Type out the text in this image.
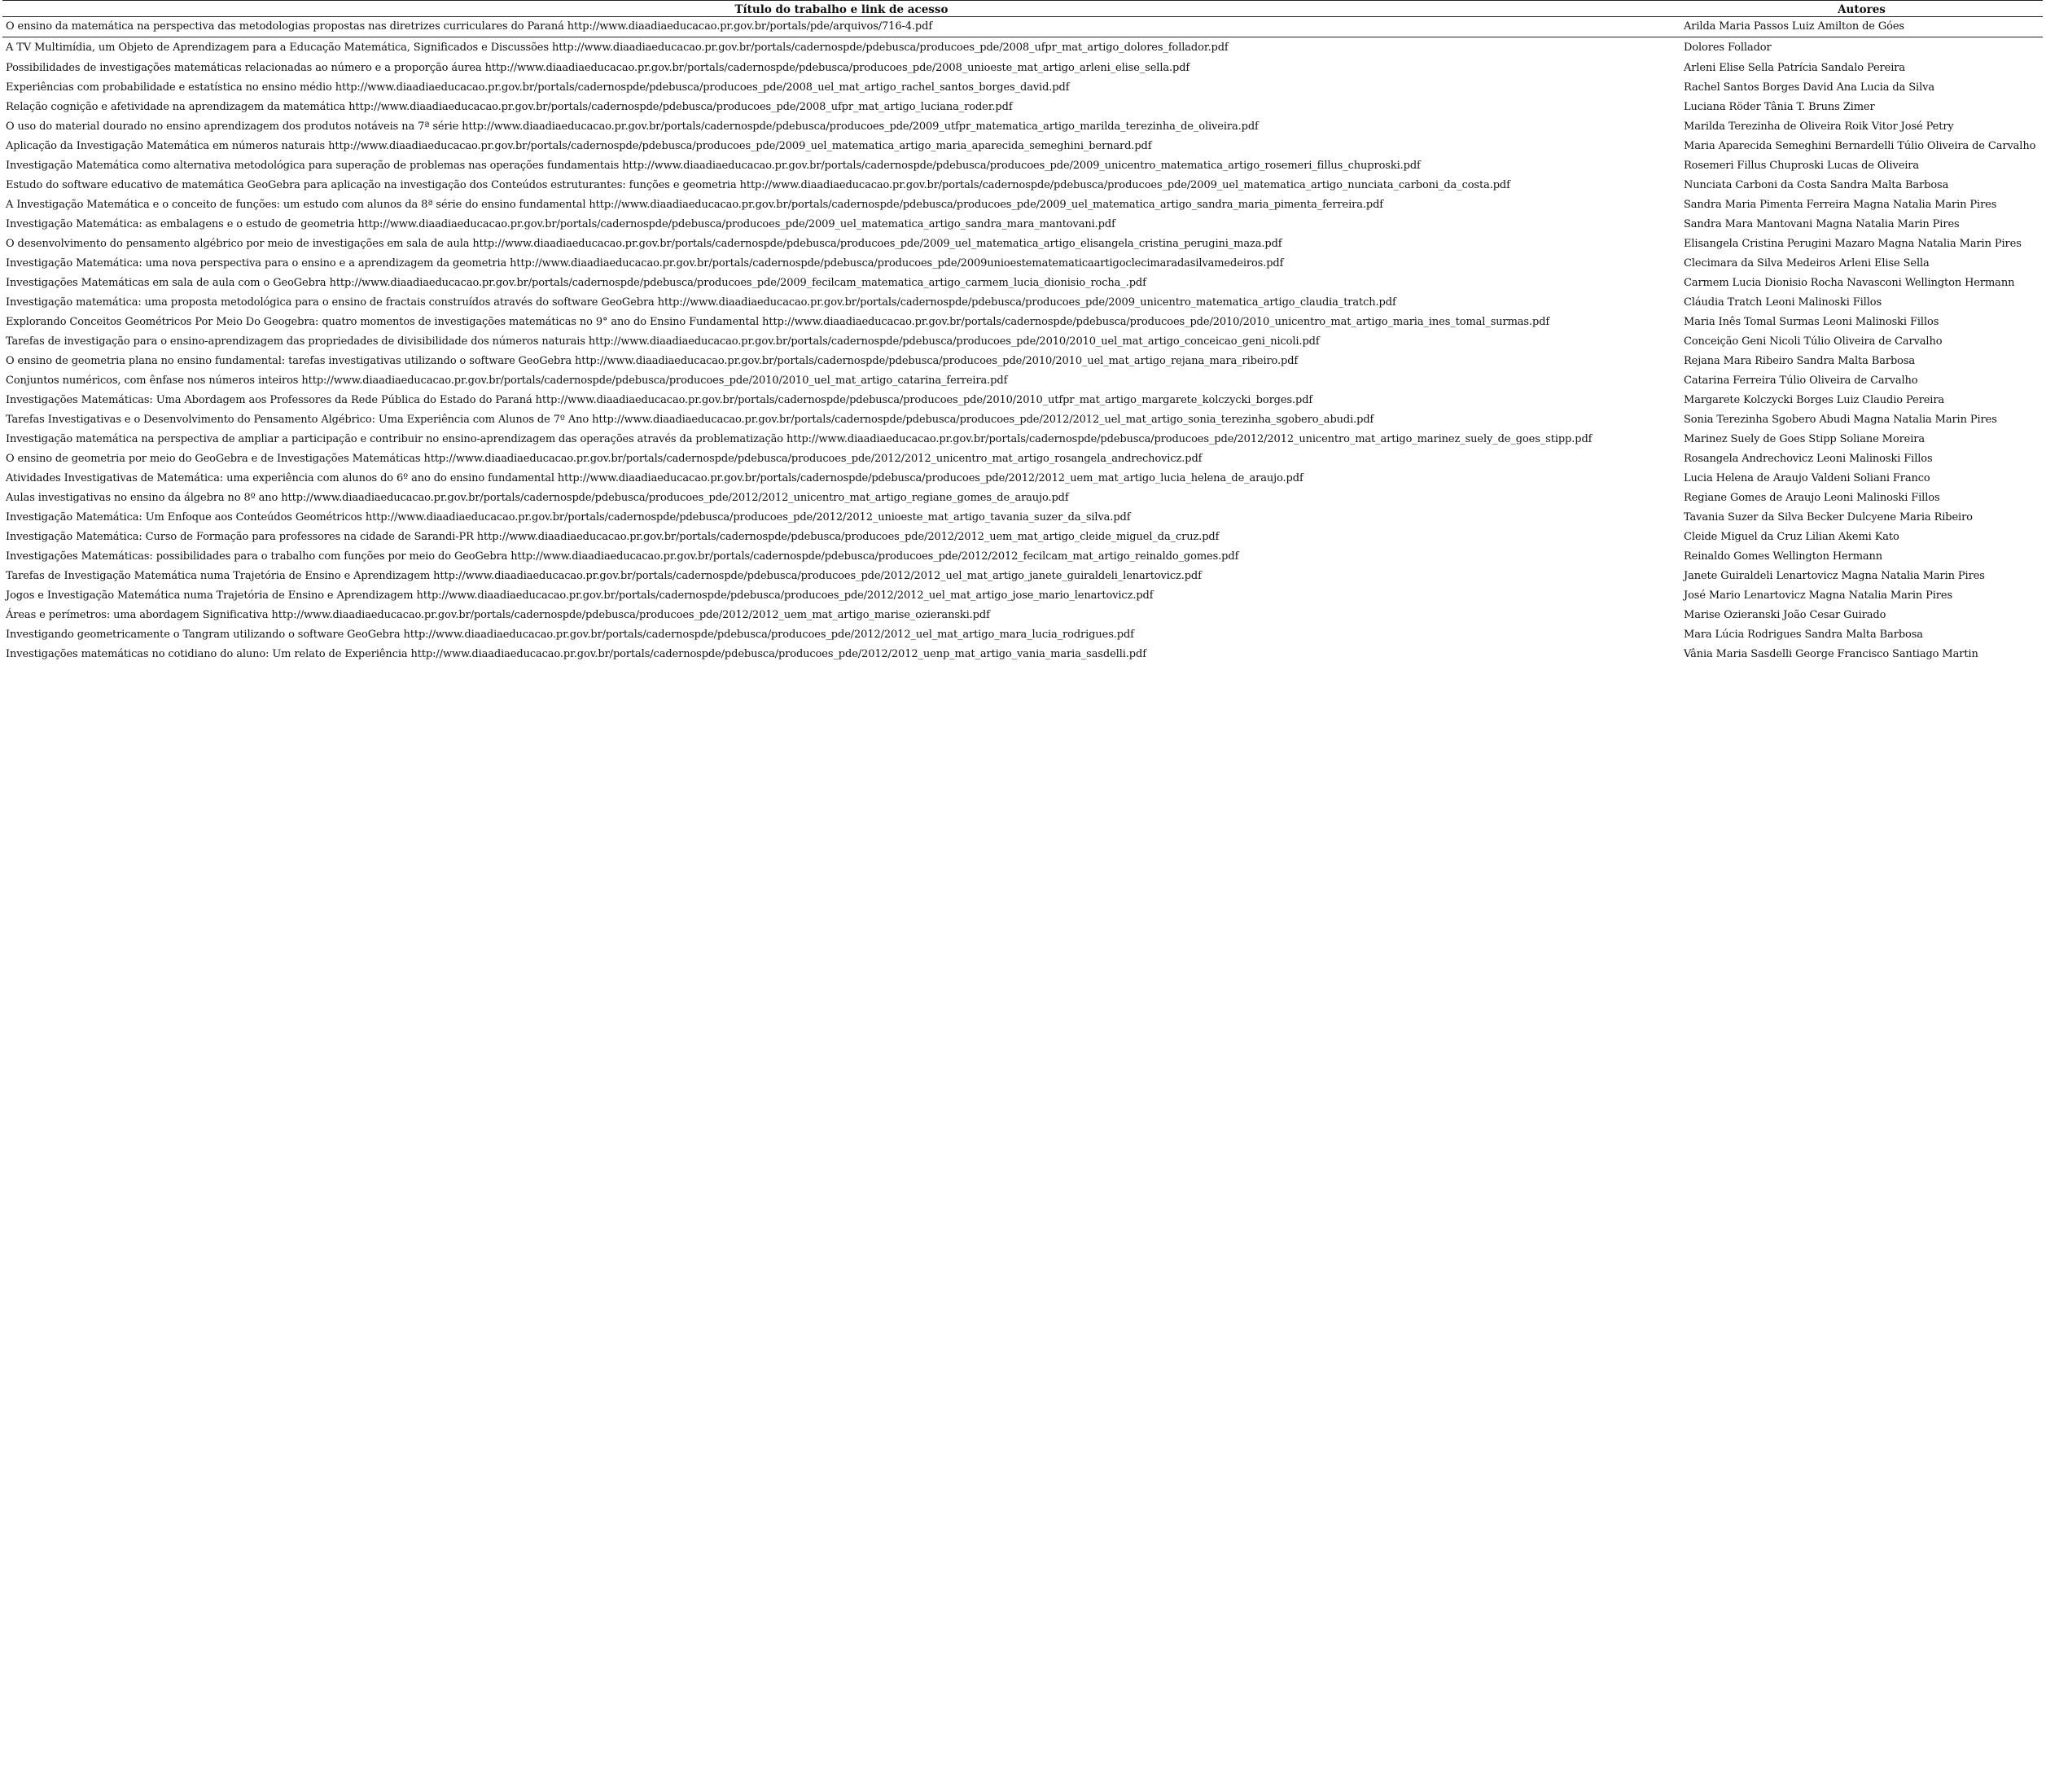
Título do trabalho e link de acesso	Autores
O ensino da matemática na perspectiva das metodologias propostas nas diretrizes curriculares do Paraná http://www.diaadiaeducacao.pr.gov.br/portals/pde/arquivos/716-4.pdf	Arilda Maria Passos Luiz Amilton de Góes
A TV Multimídia, um Objeto de Aprendizagem para a Educação Matemática, Significados e Discussões http://www.diaadiaeducacao.pr.gov.br/portals/cadernospde/pdebusca/producoes_pde/2008_ufpr_mat_artigo_dolores_follador.pdf	Dolores Follador
Possibilidades de investigações matemáticas relacionadas ao número e a proporção áurea http://www.diaadiaeducacao.pr.gov.br/portals/cadernospde/pdebusca/producoes_pde/2008_unioeste_mat_artigo_arleni_elise_sella.pdf	Arleni Elise Sella Patrícia Sandalo Pereira
Experiências com probabilidade e estatística no ensino médio http://www.diaadiaeducacao.pr.gov.br/portals/cadernospde/pdebusca/producoes_pde/2008_uel_mat_artigo_rachel_santos_borges_david.pdf	Rachel Santos Borges David Ana Lucia da Silva
Relação cognição e afetividade na aprendizagem da matemática http://www.diaadiaeducacao.pr.gov.br/portals/cadernospde/pdebusca/producoes_pde/2008_ufpr_mat_artigo_luciana_roder.pdf	Luciana Röder Tânia T. Bruns Zimer
O uso do material dourado no ensino aprendizagem dos produtos notáveis na 7ª série http://www.diaadiaeducacao.pr.gov.br/portals/cadernospde/pdebusca/producoes_pde/2009_utfpr_matematica_artigo_marilda_terezinha_de_oliveira.pdf	Marilda Terezinha de Oliveira Roik Vitor José Petry
Aplicação da Investigação Matemática em números naturais http://www.diaadiaeducacao.pr.gov.br/portals/cadernospde/pdebusca/producoes_pde/2009_uel_matematica_artigo_maria_aparecida_semeghini_bernard.pdf	Maria Aparecida Semeghini Bernardelli Túlio Oliveira de Carvalho
Investigação Matemática como alternativa metodológica para superação de problemas nas operações fundamentais http://www.diaadiaeducacao.pr.gov.br/portals/cadernospde/pdebusca/producoes_pde/2009_unicentro_matematica_artigo_rosemeri_fillus_chuproski.pdf	Rosemeri Fillus Chuproski Lucas de Oliveira
Estudo do software educativo de matemática GeoGebra para aplicação na investigação dos Conteúdos estruturantes: funções e geometria http://www.diaadiaeducacao.pr.gov.br/portals/cadernospde/pdebusca/producoes_pde/2009_uel_matematica_artigo_nunciata_carboni_da_costa.pdf	Nunciata Carboni da Costa Sandra Malta Barbosa
A Investigação Matemática e o conceito de funções: um estudo com alunos da 8ª série do ensino fundamental http://www.diaadiaeducacao.pr.gov.br/portals/cadernospde/pdebusca/producoes_pde/2009_uel_matematica_artigo_sandra_maria_pimenta_ferreira.pdf	Sandra Maria Pimenta Ferreira Magna Natalia Marin Pires
Investigação Matemática: as embalagens e o estudo de geometria http://www.diaadiaeducacao.pr.gov.br/portals/cadernospde/pdebusca/producoes_pde/2009_uel_matematica_artigo_sandra_mara_mantovani.pdf	Sandra Mara Mantovani Magna Natalia Marin Pires
O desenvolvimento do pensamento algébrico por meio de investigações em sala de aula http://www.diaadiaeducacao.pr.gov.br/portals/cadernospde/pdebusca/producoes_pde/2009_uel_matematica_artigo_elisangela_cristina_perugini_maza.pdf	Elisangela Cristina Perugini Mazaro Magna Natalia Marin Pires
Investigação Matemática: uma nova perspectiva para o ensino e a aprendizagem da geometria http://www.diaadiaeducacao.pr.gov.br/portals/cadernospde/pdebusca/producoes_pde/2009unioestematematicaartigoclecimaradasilvamedeiros.pdf	Clecimara da Silva Medeiros Arleni Elise Sella
Investigações Matemáticas em sala de aula com o GeoGebra http://www.diaadiaeducacao.pr.gov.br/portals/cadernospde/pdebusca/producoes_pde/2009_fecilcam_matematica_artigo_carmem_lucia_dionisio_rocha_.pdf	Carmem Lucia Dionisio Rocha Navasconi Wellington Hermann
Investigação matemática: uma proposta metodológica para o ensino de fractais construídos através do software GeoGebra http://www.diaadiaeducacao.pr.gov.br/portals/cadernospde/pdebusca/producoes_pde/2009_unicentro_matematica_artigo_claudia_tratch.pdf	Cláudia Tratch Leoni Malinoski Fillos
Explorando Conceitos Geométricos Por Meio Do Geogebra: quatro momentos de investigações matemáticas no 9° ano do Ensino Fundamental http://www.diaadiaeducacao.pr.gov.br/portals/cadernospde/pdebusca/producoes_pde/2010/2010_unicentro_mat_artigo_maria_ines_tomal_surmas.pdf	Maria Inês Tomal Surmas Leoni Malinoski Fillos
Tarefas de investigação para o ensino-aprendizagem das propriedades de divisibilidade dos números naturais http://www.diaadiaeducacao.pr.gov.br/portals/cadernospde/pdebusca/producoes_pde/2010/2010_uel_mat_artigo_conceicao_geni_nicoli.pdf	Conceição Geni Nicoli Túlio Oliveira de Carvalho
O ensino de geometria plana no ensino fundamental: tarefas investigativas utilizando o software GeoGebra http://www.diaadiaeducacao.pr.gov.br/portals/cadernospde/pdebusca/producoes_pde/2010/2010_uel_mat_artigo_rejana_mara_ribeiro.pdf	Rejana Mara Ribeiro Sandra Malta Barbosa
Conjuntos numéricos, com ênfase nos números inteiros http://www.diaadiaeducacao.pr.gov.br/portals/cadernospde/pdebusca/producoes_pde/2010/2010_uel_mat_artigo_catarina_ferreira.pdf	Catarina Ferreira Túlio Oliveira de Carvalho
Investigações Matemáticas: Uma Abordagem aos Professores da Rede Pública do Estado do Paraná http://www.diaadiaeducacao.pr.gov.br/portals/cadernospde/pdebusca/producoes_pde/2010/2010_utfpr_mat_artigo_margarete_kolczycki_borges.pdf	Margarete Kolczycki Borges Luiz Claudio Pereira
Tarefas Investigativas e o Desenvolvimento do Pensamento Algébrico: Uma Experiência com Alunos de 7º Ano http://www.diaadiaeducacao.pr.gov.br/portals/cadernospde/pdebusca/producoes_pde/2012/2012_uel_mat_artigo_sonia_terezinha_sgobero_abudi.pdf	Sonia Terezinha Sgobero Abudi Magna Natalia Marin Pires
Investigação matemática na perspectiva de ampliar a participação e contribuir no ensino-aprendizagem das operações através da problematização http://www.diaadiaeducacao.pr.gov.br/portals/cadernospde/pdebusca/producoes_pde/2012/2012_unicentro_mat_artigo_marinez_suely_de_goes_stipp.pdf	Marinez Suely de Goes Stipp Soliane Moreira
O ensino de geometria por meio do GeoGebra e de Investigações Matemáticas http://www.diaadiaeducacao.pr.gov.br/portals/cadernospde/pdebusca/producoes_pde/2012/2012_unicentro_mat_artigo_rosangela_andrechovicz.pdf	Rosangela Andrechovicz Leoni Malinoski Fillos
Atividades Investigativas de Matemática: uma experiência com alunos do 6º ano do ensino fundamental http://www.diaadiaeducacao.pr.gov.br/portals/cadernospde/pdebusca/producoes_pde/2012/2012_uem_mat_artigo_lucia_helena_de_araujo.pdf	Lucia Helena de Araujo Valdeni Soliani Franco
Aulas investigativas no ensino da álgebra no 8º ano http://www.diaadiaeducacao.pr.gov.br/portals/cadernospde/pdebusca/producoes_pde/2012/2012_unicentro_mat_artigo_regiane_gomes_de_araujo.pdf	Regiane Gomes de Araujo Leoni Malinoski Fillos
Investigação Matemática: Um Enfoque aos Conteúdos Geométricos http://www.diaadiaeducacao.pr.gov.br/portals/cadernospde/pdebusca/producoes_pde/2012/2012_unioeste_mat_artigo_tavania_suzer_da_silva.pdf	Tavania Suzer da Silva Becker Dulcyene Maria Ribeiro
Investigação Matemática: Curso de Formação para professores na cidade de Sarandi-PR http://www.diaadiaeducacao.pr.gov.br/portals/cadernospde/pdebusca/producoes_pde/2012/2012_uem_mat_artigo_cleide_miguel_da_cruz.pdf	Cleide Miguel da Cruz Lilian Akemi Kato
Investigações Matemáticas: possibilidades para o trabalho com funções por meio do GeoGebra http://www.diaadiaeducacao.pr.gov.br/portals/cadernospde/pdebusca/producoes_pde/2012/2012_fecilcam_mat_artigo_reinaldo_gomes.pdf	Reinaldo Gomes Wellington Hermann
Tarefas de Investigação Matemática numa Trajetória de Ensino e Aprendizagem http://www.diaadiaeducacao.pr.gov.br/portals/cadernospde/pdebusca/producoes_pde/2012/2012_uel_mat_artigo_janete_guiraldeli_lenartovicz.pdf	Janete Guiraldeli Lenartovicz Magna Natalia Marin Pires
Jogos e Investigação Matemática numa Trajetória de Ensino e Aprendizagem http://www.diaadiaeducacao.pr.gov.br/portals/cadernospde/pdebusca/producoes_pde/2012/2012_uel_mat_artigo_jose_mario_lenartovicz.pdf	José Mario Lenartovicz Magna Natalia Marin Pires
Áreas e perímetros: uma abordagem Significativa http://www.diaadiaeducacao.pr.gov.br/portals/cadernospde/pdebusca/producoes_pde/2012/2012_uem_mat_artigo_marise_ozieranski.pdf	Marise Ozieranski João Cesar Guirado
Investigando geometricamente o Tangram utilizando o software GeoGebra http://www.diaadiaeducacao.pr.gov.br/portals/cadernospde/pdebusca/producoes_pde/2012/2012_uel_mat_artigo_mara_lucia_rodrigues.pdf	Mara Lúcia Rodrigues Sandra Malta Barbosa
Investigações matemáticas no cotidiano do aluno: Um relato de Experiência http://www.diaadiaeducacao.pr.gov.br/portals/cadernospde/pdebusca/producoes_pde/2012/2012_uenp_mat_artigo_vania_maria_sasdelli.pdf	Vânia Maria Sasdelli George Francisco Santiago Martin
